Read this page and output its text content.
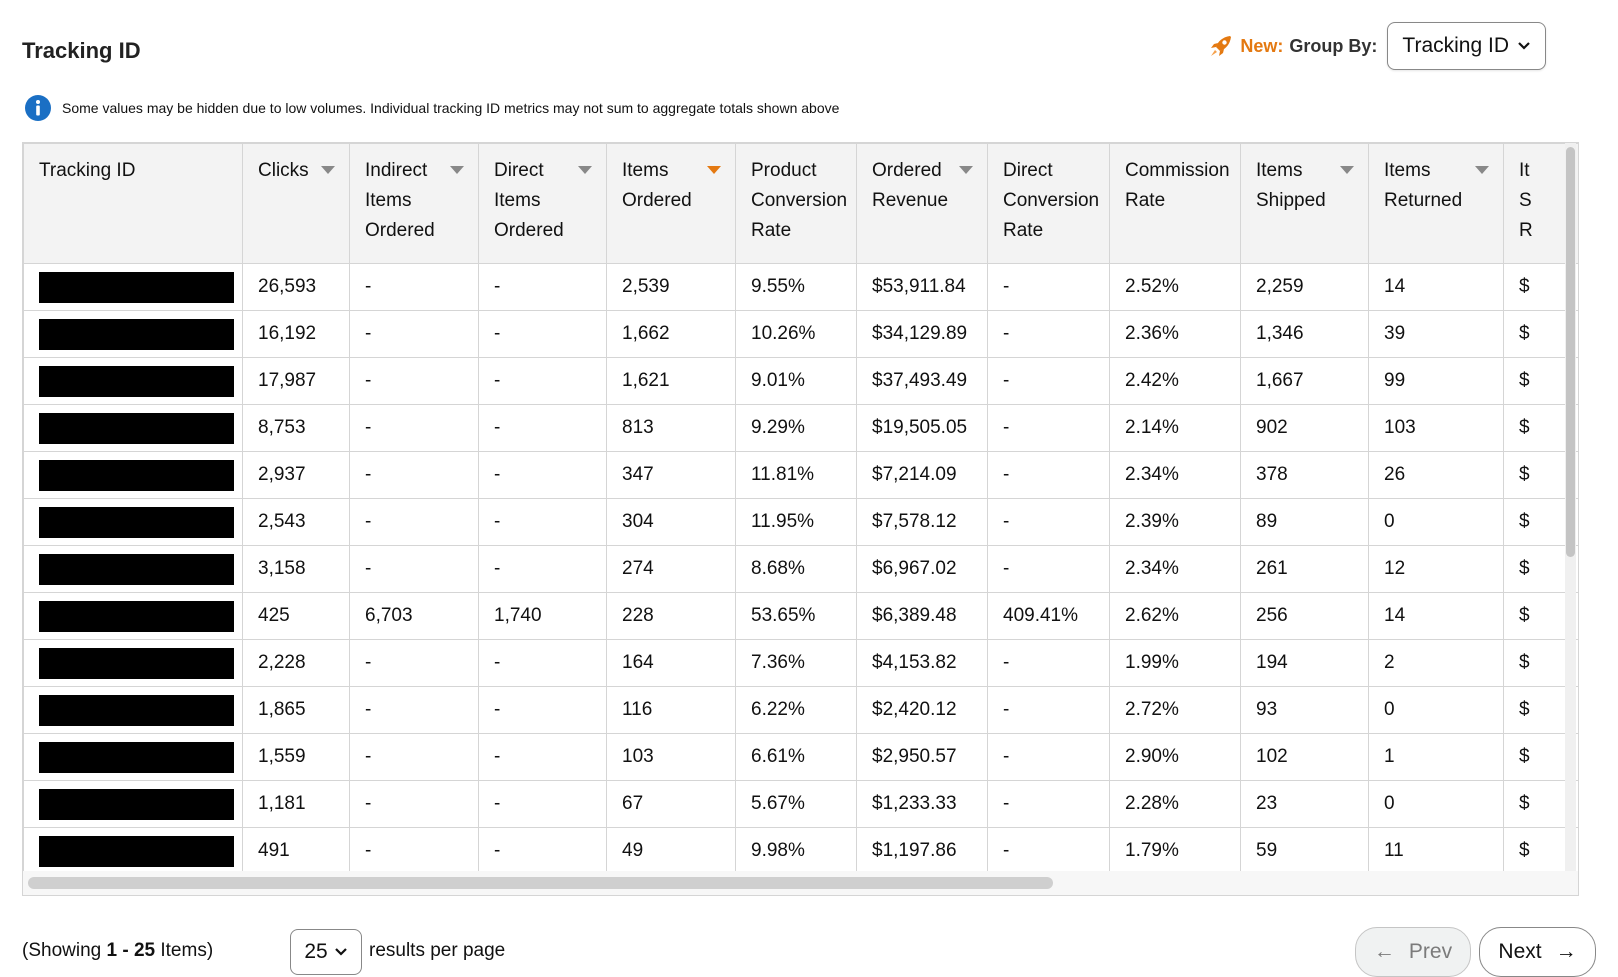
Tracking ID	New: Group By: Tracking ID
Some values may be hidden due to low volumes. Individual tracking ID metrics may not sum to aggregate totals shown above
Tracking ID	Clicks	Indirect Items Ordered	Direct Items Ordered	Items Ordered	Product Conversion Rate	Ordered Revenue	Direct Conversion Rate	Commission Rate	Items Shipped	Items Returned	It S R

	26,593	-	-	2,539	9.55%	$53,911.84	-	2.52%	2,259	14	$

	16,192	-	-	1,662	10.26%	$34,129.89	-	2.36%	1,346	39	$

	17,987	-	-	1,621	9.01%	$37,493.49	-	2.42%	1,667	99	$

	8,753	-	-	813	9.29%	$19,505.05	-	2.14%	902	103	$

	2,937	-	-	347	11.81%	$7,214.09	-	2.34%	378	26	$

	2,543	-	-	304	11.95%	$7,578.12	-	2.39%	89	0	$

	3,158	-	-	274	8.68%	$6,967.02	-	2.34%	261	12	$

	425	6,703	1,740	228	53.65%	$6,389.48	409.41%	2.62%	256	14	$

	2,228	-	-	164	7.36%	$4,153.82	-	1.99%	194	2	$

	1,865	-	-	116	6.22%	$2,420.12	-	2.72%	93	0	$

	1,559	-	-	103	6.61%	$2,950.57	-	2.90%	102	1	$

	1,181	-	-	67	5.67%	$1,233.33	-	2.28%	23	0	$

	491	-	-	49	9.98%	$1,197.86	-	1.79%	59	11	$

(Showing 1 - 25 Items)	25 results per page	← Prev Next →
